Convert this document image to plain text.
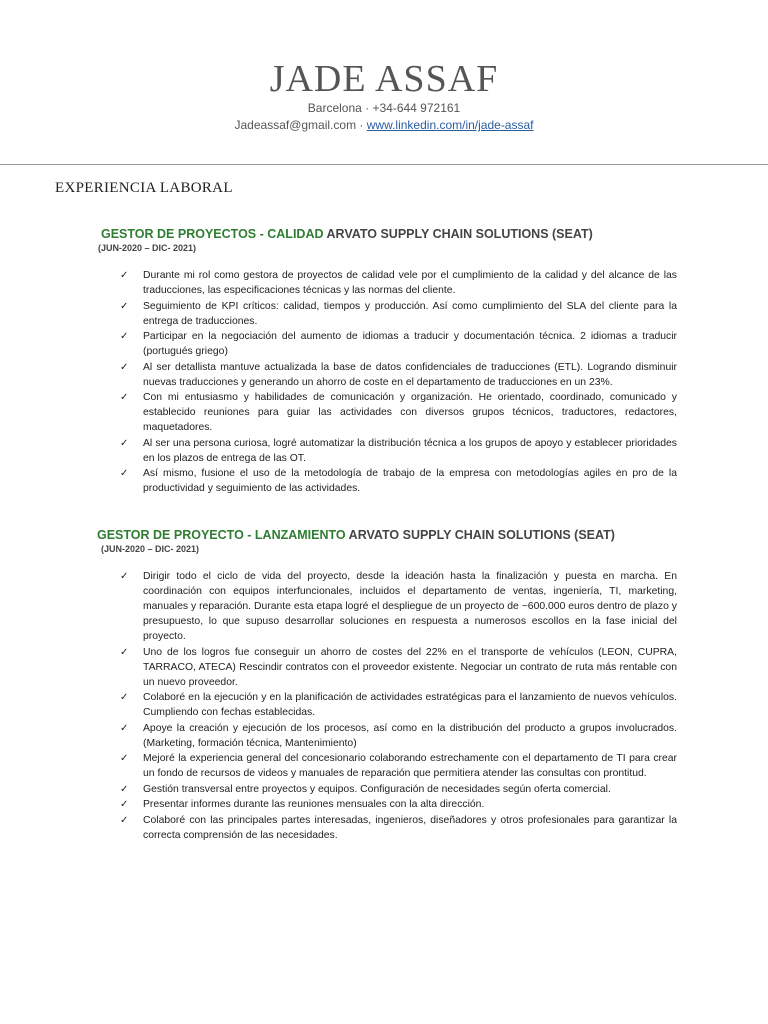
JADE ASSAF
Barcelona · +34-644 972161
Jadeassaf@gmail.com · www.linkedin.com/in/jade-assaf
EXPERIENCIA LABORAL
GESTOR DE PROYECTOS - CALIDAD ARVATO SUPPLY CHAIN SOLUTIONS (SEAT)
(JUN-2020 – DIC- 2021)
✓ Durante mi rol como gestora de proyectos de calidad vele por el cumplimiento de la calidad y del alcance de las traducciones, las especificaciones técnicas y las normas del cliente.
✓ Seguimiento de KPI críticos: calidad, tiempos y producción. Así como cumplimiento del SLA del cliente para la entrega de traducciones.
✓ Participar en la negociación del aumento de idiomas a traducir y documentación técnica. 2 idiomas a traducir (portugués griego)
✓ Al ser detallista mantuve actualizada la base de datos confidenciales de traducciones (ETL). Logrando disminuir nuevas traducciones y generando un ahorro de coste en el departamento de traducciones en un 23%.
✓ Con mi entusiasmo y habilidades de comunicación y organización. He orientado, coordinado, comunicado y establecido reuniones para guiar las actividades con diversos grupos técnicos, traductores, redactores, maquetadores.
✓ Al ser una persona curiosa, logré automatizar la distribución técnica a los grupos de apoyo y establecer prioridades en los plazos de entrega de las OT.
✓ Así mismo, fusione el uso de la metodología de trabajo de la empresa con metodologías agiles en pro de la productividad y seguimiento de las actividades.
GESTOR DE PROYECTO - LANZAMIENTO ARVATO SUPPLY CHAIN SOLUTIONS (SEAT)
(JUN-2020 – DIC- 2021)
✓ Dirigir todo el ciclo de vida del proyecto, desde la ideación hasta la finalización y puesta en marcha. En coordinación con equipos interfuncionales, incluidos el departamento de ventas, ingeniería, TI, marketing, manuales y reparación. Durante esta etapa logré el despliegue de un proyecto de ~600.000 euros dentro de plazo y presupuesto, lo que supuso desarrollar soluciones en respuesta a numerosos escollos en la fase inicial del proyecto.
✓ Uno de los logros fue conseguir un ahorro de costes del 22% en el transporte de vehículos (LEON, CUPRA, TARRACO, ATECA) Rescindir contratos con el proveedor existente. Negociar un contrato de ruta más rentable con un nuevo proveedor.
✓ Colaboré en la ejecución y en la planificación de actividades estratégicas para el lanzamiento de nuevos vehículos. Cumpliendo con fechas establecidas.
✓ Apoye la creación y ejecución de los procesos, así como en la distribución del producto a grupos involucrados. (Marketing, formación técnica, Mantenimiento)
✓ Mejoré la experiencia general del concesionario colaborando estrechamente con el departamento de TI para crear un fondo de recursos de videos y manuales de reparación que permitiera atender las consultas con prontitud.
✓ Gestión transversal entre proyectos y equipos. Configuración de necesidades según oferta comercial.
✓ Presentar informes durante las reuniones mensuales con la alta dirección.
✓ Colaboré con las principales partes interesadas, ingenieros, diseñadores y otros profesionales para garantizar la correcta comprensión de las necesidades.
